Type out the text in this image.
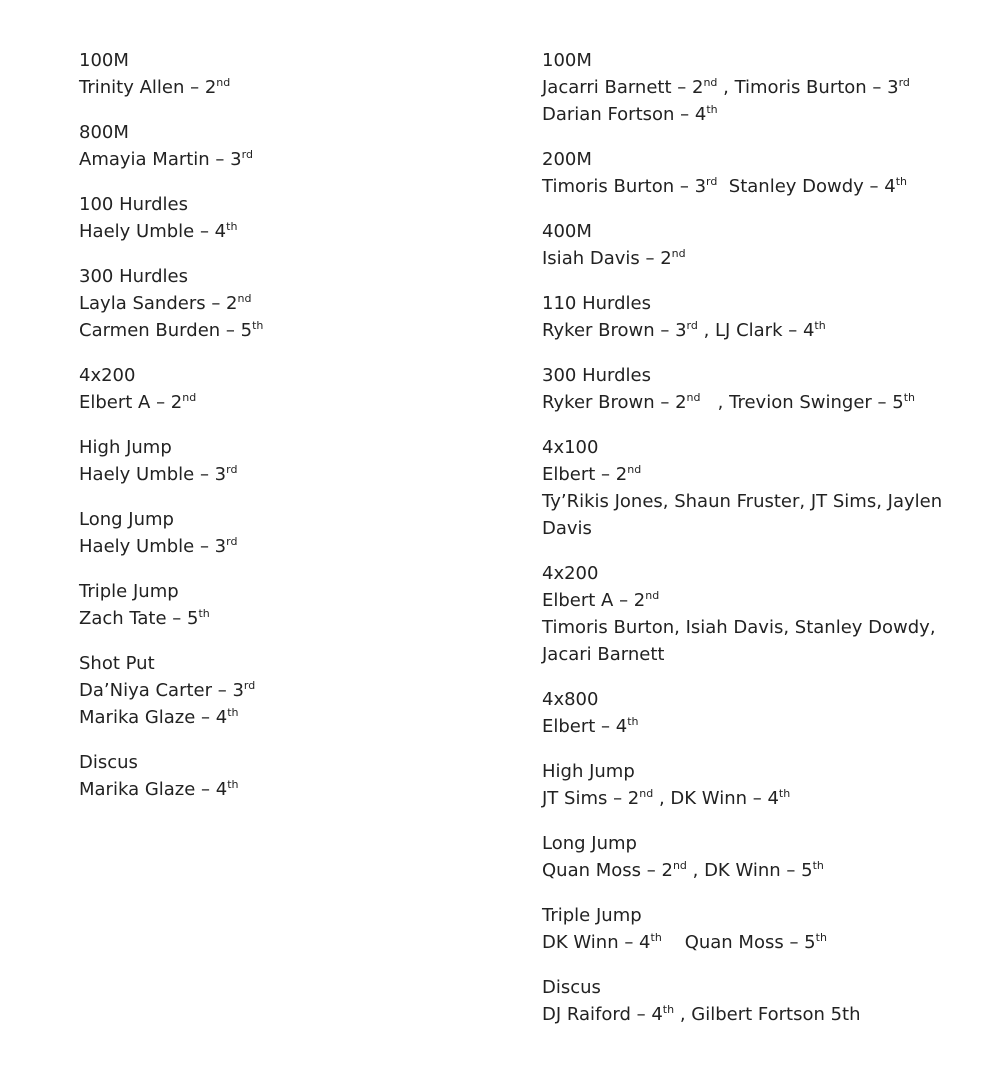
100M
Trinity Allen – 2nd
800M
Amayia Martin – 3rd
100 Hurdles
Haely Umble – 4th
300 Hurdles
Layla Sanders – 2nd
Carmen Burden – 5th
4x200
Elbert A – 2nd
High Jump
Haely Umble – 3rd
Long Jump
Haely Umble – 3rd
Triple Jump
Zach Tate – 5th
Shot Put
Da’Niya Carter – 3rd
Marika Glaze – 4th
Discus
Marika Glaze – 4th
100M
Jacarri Barnett – 2nd , Timoris Burton – 3rd
Darian Fortson – 4th
200M
Timoris Burton – 3rd  Stanley Dowdy – 4th
400M
Isiah Davis – 2nd
110 Hurdles
Ryker Brown – 3rd , LJ Clark – 4th
300 Hurdles
Ryker Brown – 2nd   , Trevion Swinger – 5th
4x100
Elbert – 2nd
Ty’Rikis Jones, Shaun Fruster, JT Sims, Jaylen Davis
4x200
Elbert A – 2nd
Timoris Burton, Isiah Davis, Stanley Dowdy, Jacari Barnett
4x800
Elbert – 4th
High Jump
JT Sims – 2nd , DK Winn – 4th
Long Jump
Quan Moss – 2nd , DK Winn – 5th
Triple Jump
DK Winn – 4th    Quan Moss – 5th
Discus
DJ Raiford – 4th , Gilbert Fortson 5th
